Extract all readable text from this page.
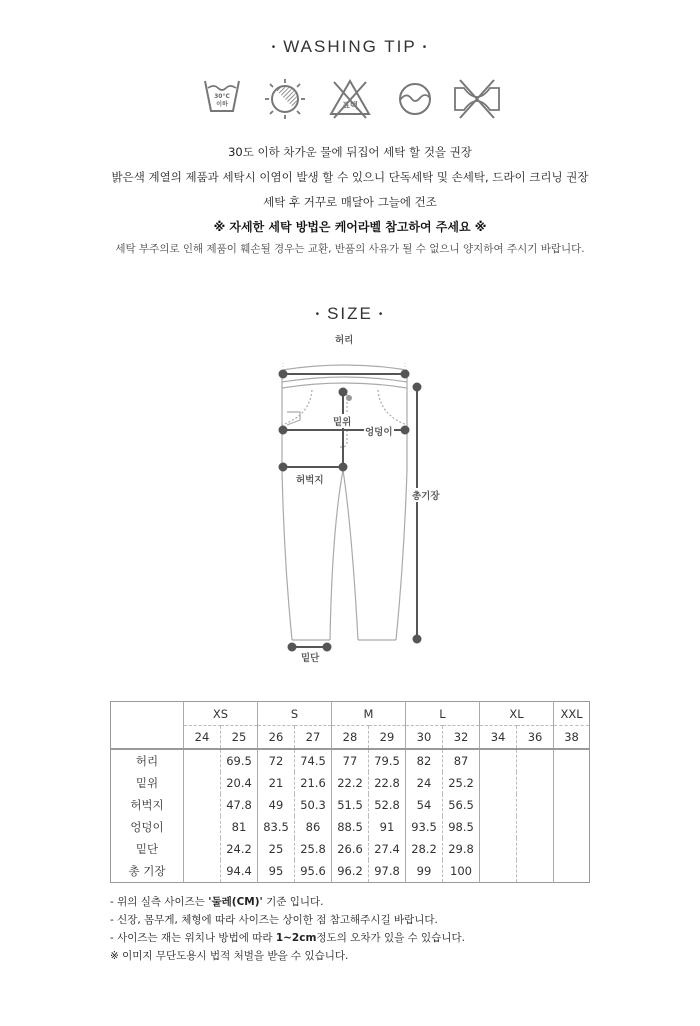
• WASHING TIP •
30°C
이하	표백
30도 이하 차가운 물에 뒤집어 세탁 할 것을 권장
밝은색 계열의 제품과 세탁시 이염이 발생 할 수 있으니 단독세탁 및 손세탁, 드라이 크리닝 권장
세탁 후 거꾸로 매달아 그늘에 건조
※ 자세한 세탁 방법은 케어라벨 참고하여 주세요 ※
세탁 부주의로 인해 제품이 훼손될 경우는 교환, 반품의 사유가 될 수 없으니 양지하여 주시기 바랍니다.
• SIZE •
허리
밑위
엉덩이
허벅지
총기장
밑단
	XS		S		M		L		XL		XXL
	24	25	26	27	28	29	30	32	34	36	38
허리		69.5	72	74.5	77	79.5	82	87			
밑위		20.4	21	21.6	22.2	22.8	24	25.2			
허벅지		47.8	49	50.3	51.5	52.8	54	56.5			
엉덩이		81	83.5	86	88.5	91	93.5	98.5			
밑단		24.2	25	25.8	26.6	27.4	28.2	29.8			
총 기장		94.4	95	95.6	96.2	97.8	99	100			
- 위의 실측 사이즈는 '둘레(CM)' 기준 입니다.
- 신장, 몸무게, 체형에 따라 사이즈는 상이한 점 참고해주시길 바랍니다.
- 사이즈는 재는 위치나 방법에 따라 1~2cm정도의 오차가 있을 수 있습니다.
※ 이미지 무단도용시 법적 처벌을 받을 수 있습니다.
